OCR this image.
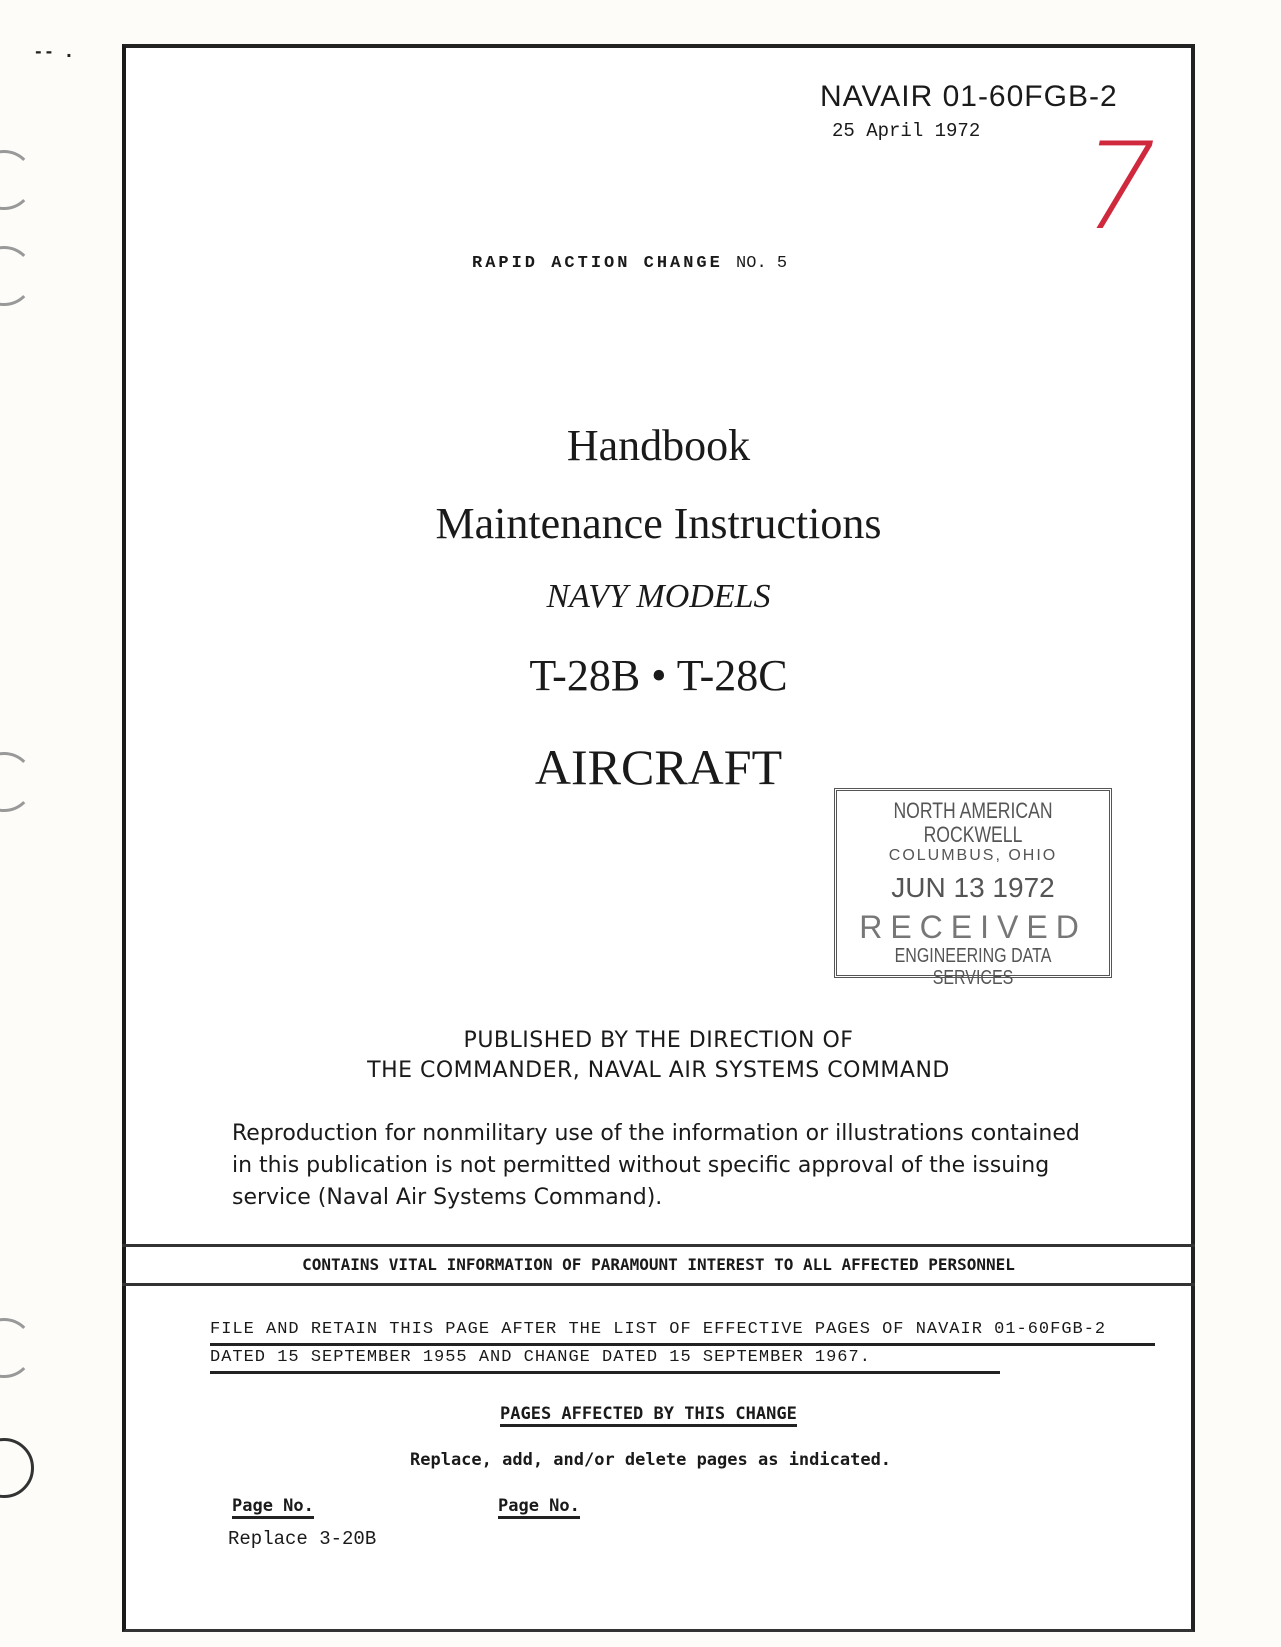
-- .
NAVAIR 01-60FGB-2
25 April 1972 7
RAPID ACTION CHANGE NO. 5
Handbook
Maintenance Instructions
NAVY MODELS
T-28B • T-28C
AIRCRAFT
NORTH AMERICAN ROCKWELL
COLUMBUS, OHIO
JUN 13 1972
RECEIVED
ENGINEERING DATA SERVICES
PUBLISHED BY THE DIRECTION OF
THE COMMANDER, NAVAL AIR SYSTEMS COMMAND
Reproduction for nonmilitary use of the information or illustrations contained in this publication is not permitted without specific approval of the issuing service (Naval Air Systems Command).
CONTAINS VITAL INFORMATION OF PARAMOUNT INTEREST TO ALL AFFECTED PERSONNEL
FILE AND RETAIN THIS PAGE AFTER THE LIST OF EFFECTIVE PAGES OF NAVAIR 01-60FGB-2
DATED 15 SEPTEMBER 1955 AND CHANGE DATED 15 SEPTEMBER 1967.
PAGES AFFECTED BY THIS CHANGE
Replace, add, and/or delete pages as indicated.
Page No.	Page No.
Replace 3-20B
